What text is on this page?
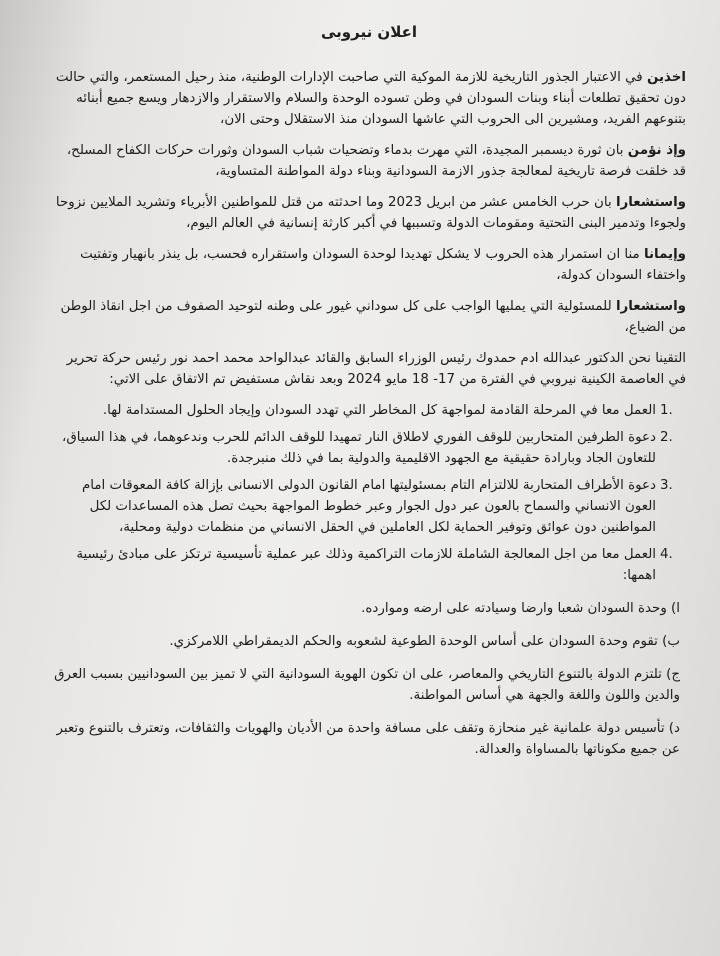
اعلان نيروبى
اخذين في الاعتبار الجذور التاريخية للازمة الموكية التي صاحبت الإدارات الوطنية، منذ رحيل المستعمر، والتي حالت دون تحقيق تطلعات أبناء وبنات السودان في وطن تسوده الوحدة والسلام والاستقرار والازدهار ويسع جميع أبنائه بتنوعهم الفريد، ومشيرين الى الحروب التي عاشها السودان منذ الاستقلال وحتى الان،
وإذ نؤمن بان ثورة ديسمبر المجيدة، التي مهرت بدماء وتضحيات شباب السودان وثورات حركات الكفاح المسلح، قد خلقت فرصة تاريخية لمعالجة جذور الازمة السودانية وبناء دولة المواطنة المتساوية،
واستشعارا بان حرب الخامس عشر من ابريل 2023 وما احدثته من قتل للمواطنين الأبرياء وتشريد الملايين نزوحا ولجوءا وتدمير البنى التحتية ومقومات الدولة وتسببها في أكبر كارثة إنسانية في العالم اليوم،
وإيمانا منا ان استمرار هذه الحروب لا يشكل تهديدا لوحدة السودان واستقراره فحسب، بل ينذر بانهيار وتفتيت واختفاء السودان كدولة،
واستشعارا للمسئولية التي يمليها الواجب على كل سوداني غيور على وطنه لتوحيد الصفوف من اجل انقاذ الوطن من الضياع،
التقينا نحن الدكتور عبدالله ادم حمدوك رئيس الوزراء السابق والقائد عبدالواحد محمد احمد نور رئيس حركة تحرير في العاصمة الكينية نيروبي في الفترة من 17- 18 مايو 2024 وبعد نقاش مستفيض تم الاتفاق على الاتي:
.1
العمل معا في المرحلة القادمة لمواجهة كل المخاطر التي تهدد السودان وإيجاد الحلول المستدامة لها.
.2
دعوة الطرفين المتحاربين للوقف الفوري لاطلاق النار تمهيدا للوقف الدائم للحرب وندعوهما، في هذا السياق، للتعاون الجاد وبارادة حقيقية مع الجهود الاقليمية والدولية بما في ذلك منبرجدة.
.3
دعوة الأطراف المتحاربة للالتزام التام بمسئوليتها امام القانون الدولى الانسانى بإزالة كافة المعوقات امام العون الانساني والسماح بالعون عبر دول الجوار وعبر خطوط المواجهة بحيث تصل هذه المساعدات لكل المواطنين دون عوائق وتوفير الحماية لكل العاملين في الحقل الانساني من منظمات دولية ومحلية،
.4
العمل معا من اجل المعالجة الشاملة للازمات التراكمية وذلك عبر عملية تأسيسية ترتكز على مبادئ رئيسية اهمها:
ا) وحدة السودان شعبا وارضا وسيادته على ارضه وموارده.
ب) تقوم وحدة السودان على أساس الوحدة الطوعية لشعوبه والحكم الديمقراطي اللامركزي.
ج) تلتزم الدولة بالتنوع التاريخي والمعاصر، على ان تكون الهوية السودانية التي لا تميز بين السودانيين بسبب العرق والدين واللون واللغة والجهة هي أساس المواطنة.
د) تأسيس دولة علمانية غير منحازة وتقف على مسافة واحدة من الأديان والهويات والثقافات، وتعترف بالتنوع وتعبر عن جميع مكوناتها بالمساواة والعدالة.
